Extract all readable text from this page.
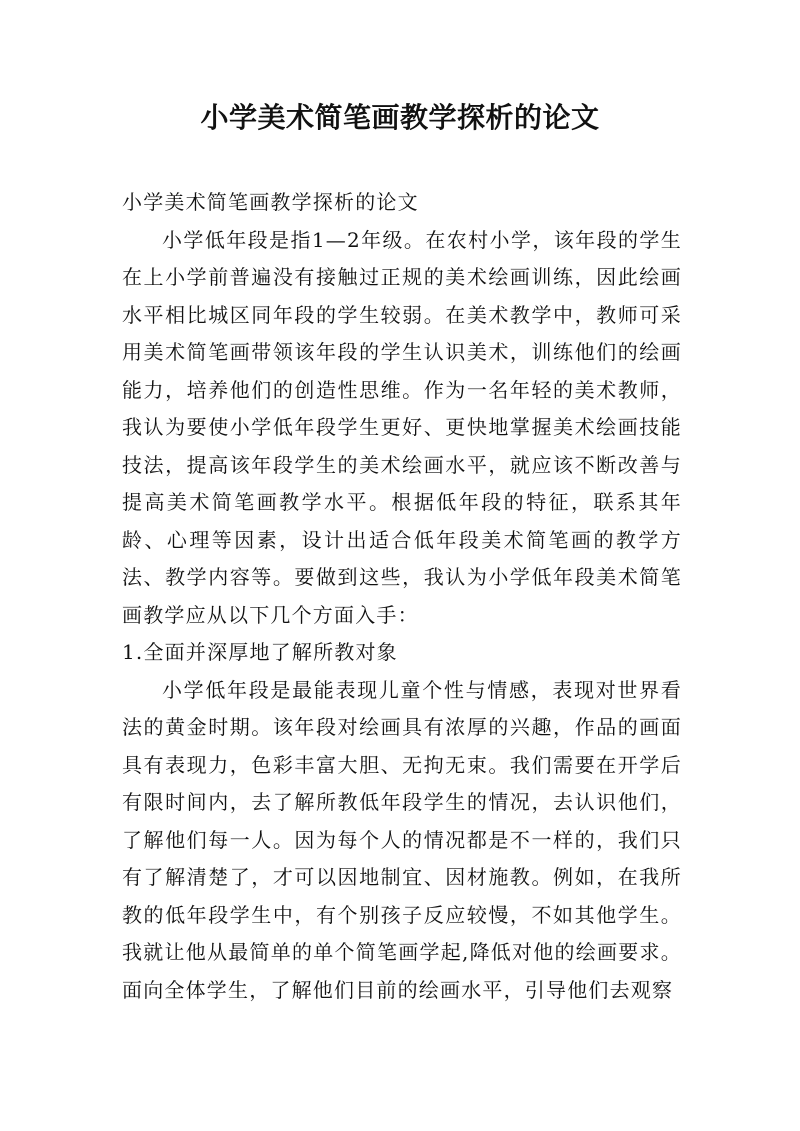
小学美术简笔画教学探析的论文

小学美术简笔画教学探析的论文

小学低年段是指1—2年级。在农村小学，该年段的学生在上小学前普遍没有接触过正规的美术绘画训练，因此绘画水平相比城区同年段的学生较弱。在美术教学中，教师可采用美术简笔画带领该年段的学生认识美术，训练他们的绘画能力，培养他们的创造性思维。作为一名年轻的美术教师，我认为要使小学低年段学生更好、更快地掌握美术绘画技能技法，提高该年段学生的美术绘画水平，就应该不断改善与提高美术简笔画教学水平。根据低年段的特征，联系其年龄、心理等因素，设计出适合低年段美术简笔画的教学方法、教学内容等。要做到这些，我认为小学低年段美术简笔画教学应从以下几个方面入手：

1.全面并深厚地了解所教对象

小学低年段是最能表现儿童个性与情感，表现对世界看法的黄金时期。该年段对绘画具有浓厚的兴趣，作品的画面具有表现力，色彩丰富大胆、无拘无束。我们需要在开学后有限时间内，去了解所教低年段学生的情况，去认识他们，了解他们每一人。因为每个人的情况都是不一样的，我们只有了解清楚了，才可以因地制宜、因材施教。例如，在我所教的低年段学生中，有个别孩子反应较慢，不如其他学生。我就让他从最简单的单个简笔画学起,降低对他的绘画要求。面向全体学生，了解他们目前的绘画水平，引导他们去观察
